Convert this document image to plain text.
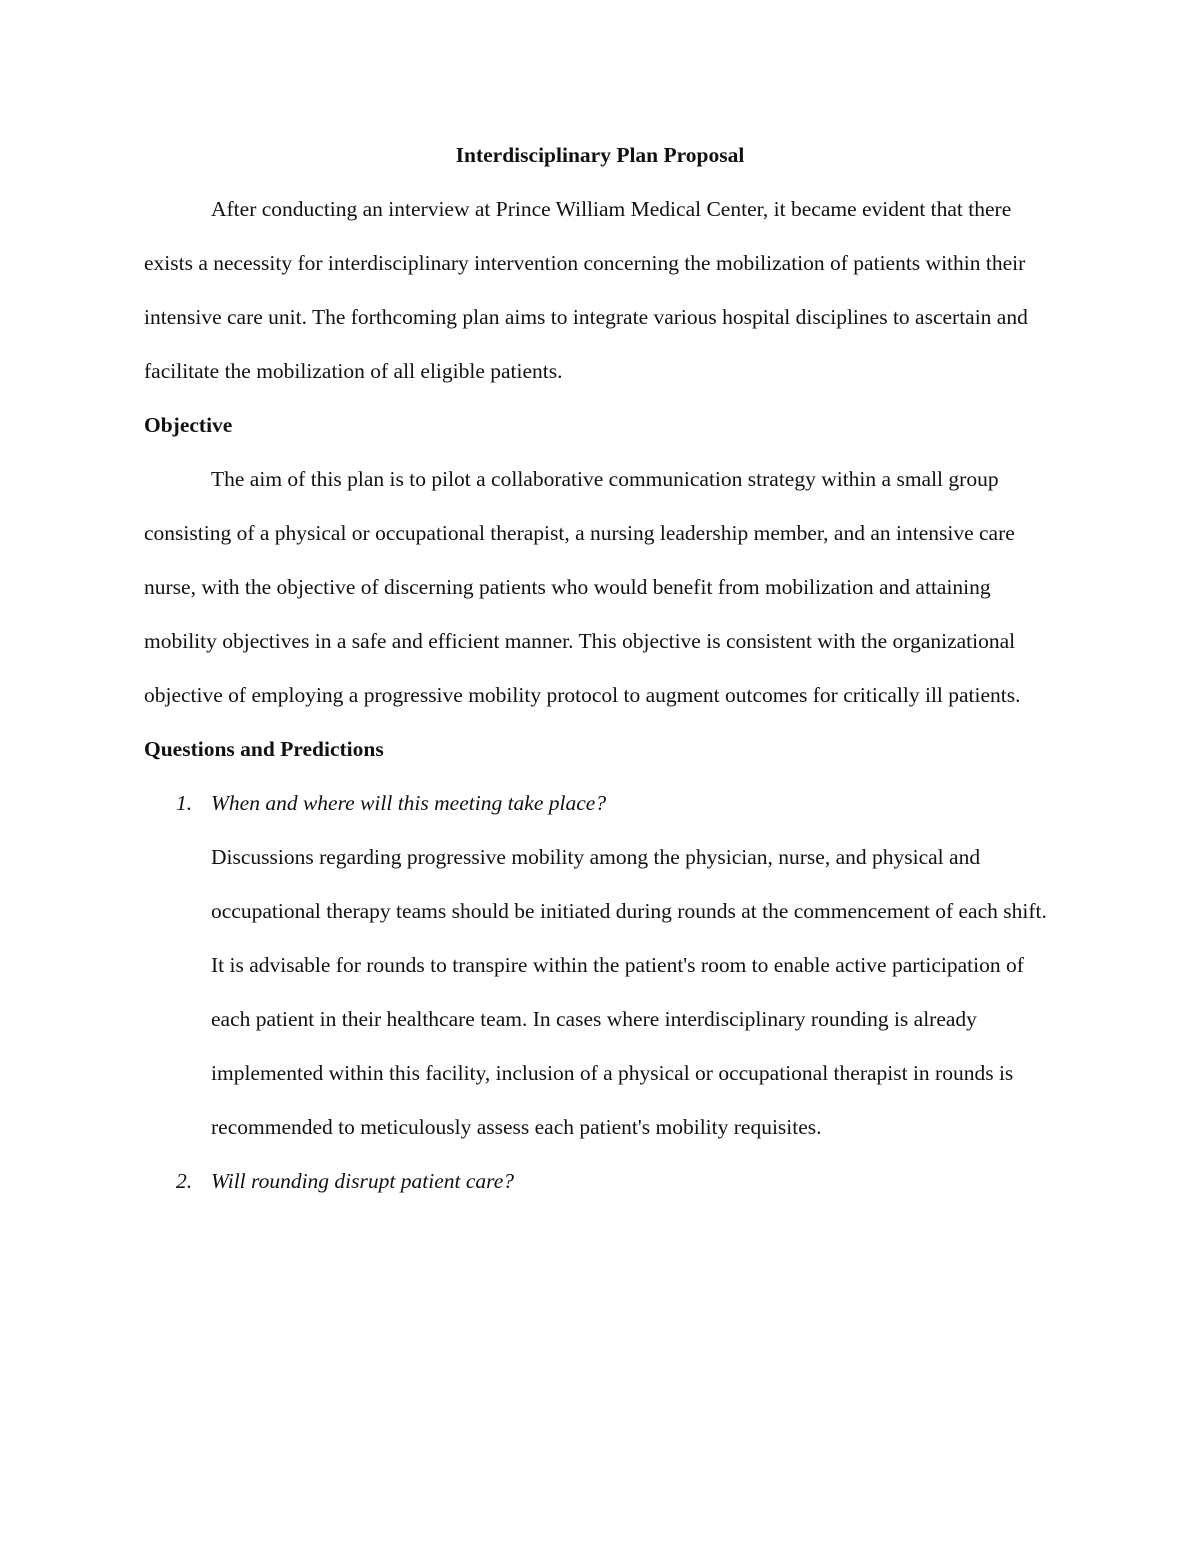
Interdisciplinary Plan Proposal

After conducting an interview at Prince William Medical Center, it became evident that there exists a necessity for interdisciplinary intervention concerning the mobilization of patients within their intensive care unit. The forthcoming plan aims to integrate various hospital disciplines to ascertain and facilitate the mobilization of all eligible patients.

Objective

The aim of this plan is to pilot a collaborative communication strategy within a small group consisting of a physical or occupational therapist, a nursing leadership member, and an intensive care nurse, with the objective of discerning patients who would benefit from mobilization and attaining mobility objectives in a safe and efficient manner. This objective is consistent with the organizational objective of employing a progressive mobility protocol to augment outcomes for critically ill patients.

Questions and Predictions
1. When and where will this meeting take place?

Discussions regarding progressive mobility among the physician, nurse, and physical and occupational therapy teams should be initiated during rounds at the commencement of each shift. It is advisable for rounds to transpire within the patient's room to enable active participation of each patient in their healthcare team. In cases where interdisciplinary rounding is already implemented within this facility, inclusion of a physical or occupational therapist in rounds is recommended to meticulously assess each patient's mobility requisites.

2. Will rounding disrupt patient care?
